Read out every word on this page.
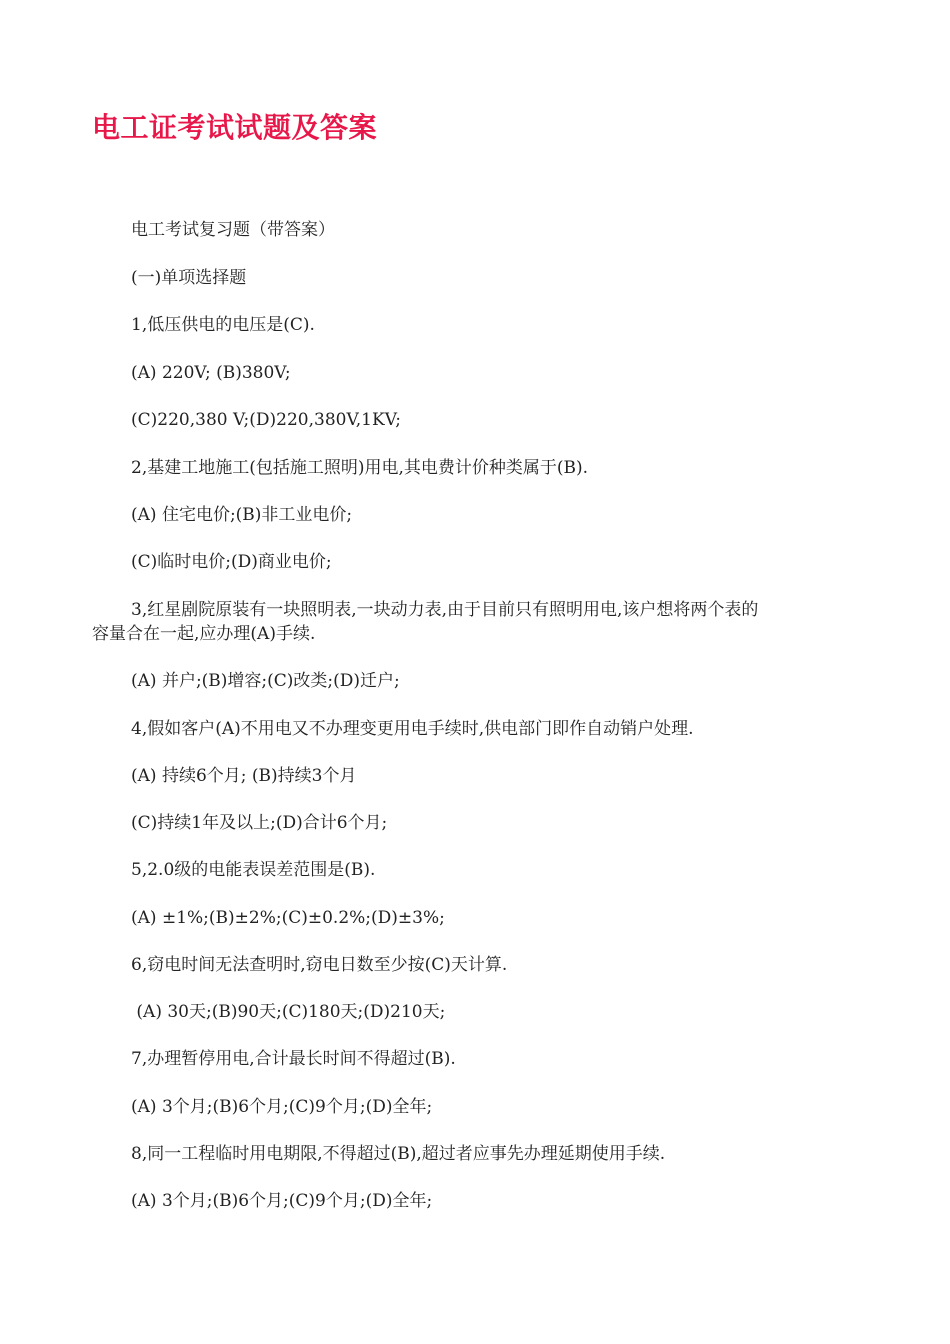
电工证考试试题及答案

电工考试复习题（带答案）

(一)单项选择题

1,低压供电的电压是(C).

(A) 220V; (B)380V;

(C)220,380 V;(D)220,380V,1KV;

2,基建工地施工(包括施工照明)用电,其电费计价种类属于(B).

(A) 住宅电价;(B)非工业电价;

(C)临时电价;(D)商业电价;

3,红星剧院原装有一块照明表,一块动力表,由于目前只有照明用电,该户想将两个表的

容量合在一起,应办理(A)手续.

(A) 并户;(B)增容;(C)改类;(D)迁户;

4,假如客户(A)不用电又不办理变更用电手续时,供电部门即作自动销户处理.

(A) 持续6个月; (B)持续3个月

(C)持续1年及以上;(D)合计6个月;

5,2.0级的电能表误差范围是(B).

(A) ±1%;(B)±2%;(C)±0.2%;(D)±3%;

6,窃电时间无法查明时,窃电日数至少按(C)天计算.

(A) 30天;(B)90天;(C)180天;(D)210天;

7,办理暂停用电,合计最长时间不得超过(B).

(A) 3个月;(B)6个月;(C)9个月;(D)全年;

8,同一工程临时用电期限,不得超过(B),超过者应事先办理延期使用手续.

(A) 3个月;(B)6个月;(C)9个月;(D)全年;
